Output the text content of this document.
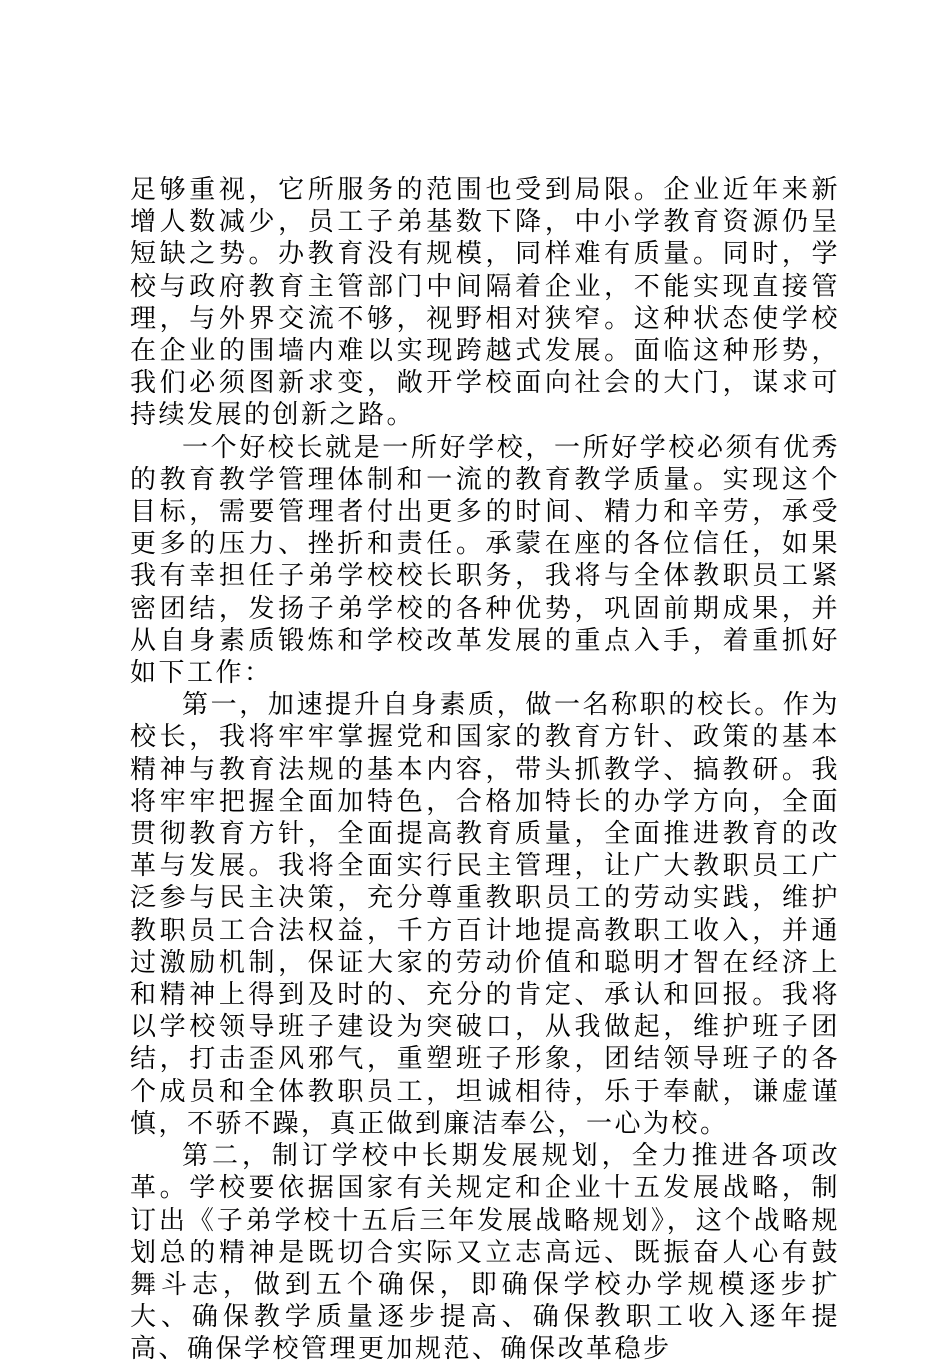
足够重视，它所服务的范围也受到局限。企业近年来新增人数减少，员工子弟基数下降，中小学教育资源仍呈短缺之势。办教育没有规模，同样难有质量。同时，学校与政府教育主管部门中间隔着企业，不能实现直接管理，与外界交流不够，视野相对狭窄。这种状态使学校在企业的围墙内难以实现跨越式发展。面临这种形势，我们必须图新求变，敞开学校面向社会的大门，谋求可持续发展的创新之路。

一个好校长就是一所好学校，一所好学校必须有优秀的教育教学管理体制和一流的教育教学质量。实现这个目标，需要管理者付出更多的时间、精力和辛劳，承受更多的压力、挫折和责任。承蒙在座的各位信任，如果我有幸担任子弟学校校长职务，我将与全体教职员工紧密团结，发扬子弟学校的各种优势，巩固前期成果，并从自身素质锻炼和学校改革发展的重点入手，着重抓好如下工作：

第一，加速提升自身素质，做一名称职的校长。作为校长，我将牢牢掌握党和国家的教育方针、政策的基本精神与教育法规的基本内容，带头抓教学、搞教研。我将牢牢把握全面加特色，合格加特长的办学方向，全面贯彻教育方针，全面提高教育质量，全面推进教育的改革与发展。我将全面实行民主管理，让广大教职员工广泛参与民主决策，充分尊重教职员工的劳动实践，维护教职员工合法权益，千方百计地提高教职工收入，并通过激励机制，保证大家的劳动价值和聪明才智在经济上和精神上得到及时的、充分的肯定、承认和回报。我将以学校领导班子建设为突破口，从我做起，维护班子团结，打击歪风邪气，重塑班子形象，团结领导班子的各个成员和全体教职员工，坦诚相待，乐于奉献，谦虚谨慎，不骄不躁，真正做到廉洁奉公，一心为校。

第二，制订学校中长期发展规划，全力推进各项改革。学校要依据国家有关规定和企业十五发展战略，制订出《子弟学校十五后三年发展战略规划》，这个战略规划总的精神是既切合实际又立志高远、既振奋人心有鼓舞斗志，做到五个确保，即确保学校办学规模逐步扩大、确保教学质量逐步提高、确保教职工收入逐年提高、确保学校管理更加规范、确保改革稳步
